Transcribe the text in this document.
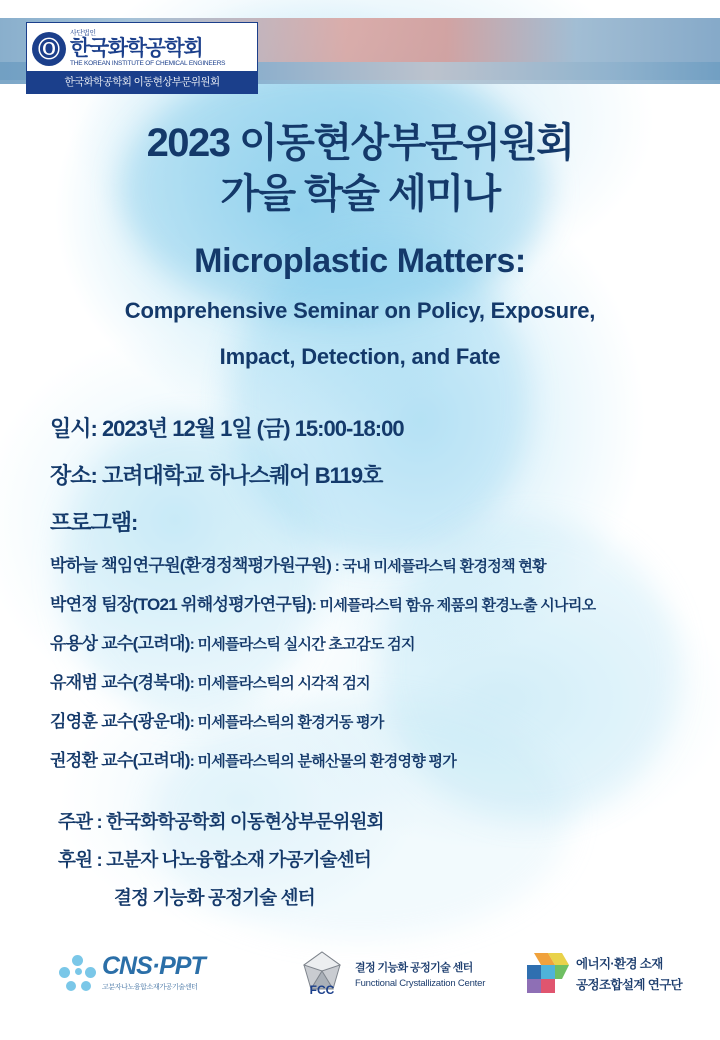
Ⓞ
사단법인
한국화학공학회
THE KOREAN INSTITUTE OF CHEMICAL ENGINEERS
한국화학공학회 이동현상부문위원회
2023 이동현상부문위원회
가을 학술 세미나
Microplastic Matters:
Comprehensive Seminar on Policy, Exposure,
Impact, Detection, and Fate
일시: 2023년 12월 1일 (금) 15:00-18:00
장소: 고려대학교 하나스퀘어 B119호
프로그램:
박하늘 책임연구원(환경정책평가원구원) : 국내 미세플라스틱 환경정책 현황
박연정 팀장(TO21 위해성평가연구팀): 미세플라스틱 함유 제품의 환경노출 시나리오
유용상 교수(고려대): 미세플라스틱 실시간 초고감도 검지
유재범 교수(경북대): 미세플라스틱의 시각적 검지
김영훈 교수(광운대): 미세플라스틱의 환경거동 평가
권정환 교수(고려대): 미세플라스틱의 분해산물의 환경영향 평가
주관 : 한국화학공학회 이동현상부문위원회
후원 : 고분자 나노융합소재 가공기술센터
결정 기능화 공정기술 센터
CNS·PPT
고분자나노융합소재가공기술센터	FCC
결정 기능화 공정기술 센터
Functional Crystallization Center
에너지·환경 소재
공정조합설계 연구단
